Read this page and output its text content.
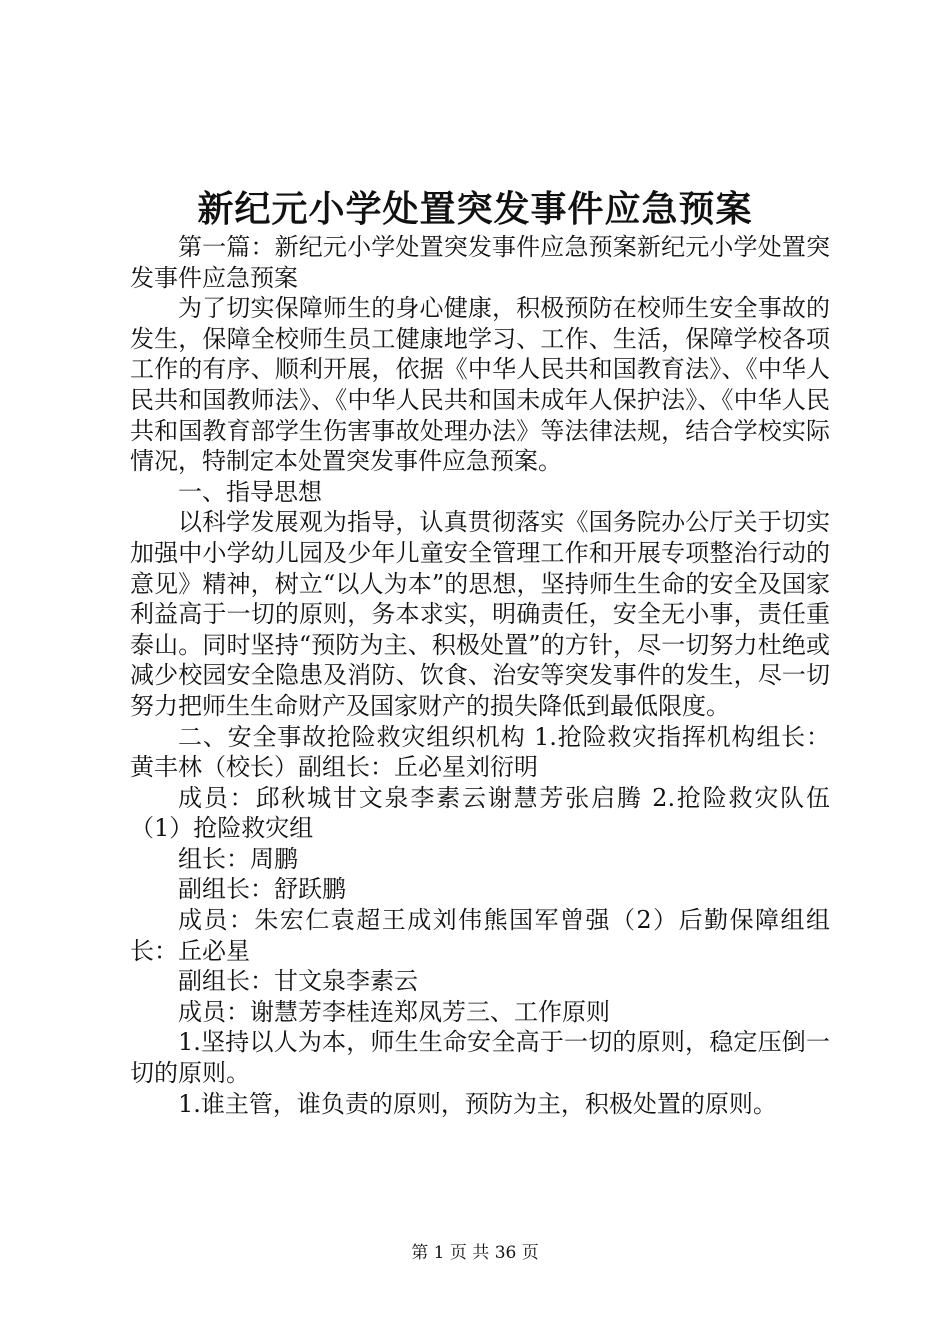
新纪元小学处置突发事件应急预案

第一篇：新纪元小学处置突发事件应急预案新纪元小学处置突发事件应急预案

为了切实保障师生的身心健康，积极预防在校师生安全事故的发生，保障全校师生员工健康地学习、工作、生活，保障学校各项工作的有序、顺利开展，依据《中华人民共和国教育法》、《中华人民共和国教师法》、《中华人民共和国未成年人保护法》、《中华人民共和国教育部学生伤害事故处理办法》等法律法规，结合学校实际情况，特制定本处置突发事件应急预案。

一、指导思想

以科学发展观为指导，认真贯彻落实《国务院办公厅关于切实加强中小学幼儿园及少年儿童安全管理工作和开展专项整治行动的意见》精神，树立“以人为本”的思想，坚持师生生命的安全及国家利益高于一切的原则，务本求实，明确责任，安全无小事，责任重泰山。同时坚持“预防为主、积极处置”的方针，尽一切努力杜绝或减少校园安全隐患及消防、饮食、治安等突发事件的发生，尽一切努力把师生生命财产及国家财产的损失降低到最低限度。

二、安全事故抢险救灾组织机构 1.抢险救灾指挥机构组长：黄丰林（校长）副组长：丘必星刘衍明

成员：邱秋城甘文泉李素云谢慧芳张启腾 2.抢险救灾队伍（1）抢险救灾组

组长：周鹏

副组长：舒跃鹏

成员：朱宏仁袁超王成刘伟熊国军曾强（2）后勤保障组组长：丘必星

副组长：甘文泉李素云

成员：谢慧芳李桂连郑凤芳三、工作原则

1.坚持以人为本，师生生命安全高于一切的原则，稳定压倒一切的原则。

1.谁主管，谁负责的原则，预防为主，积极处置的原则。

第 1 页 共 36 页
